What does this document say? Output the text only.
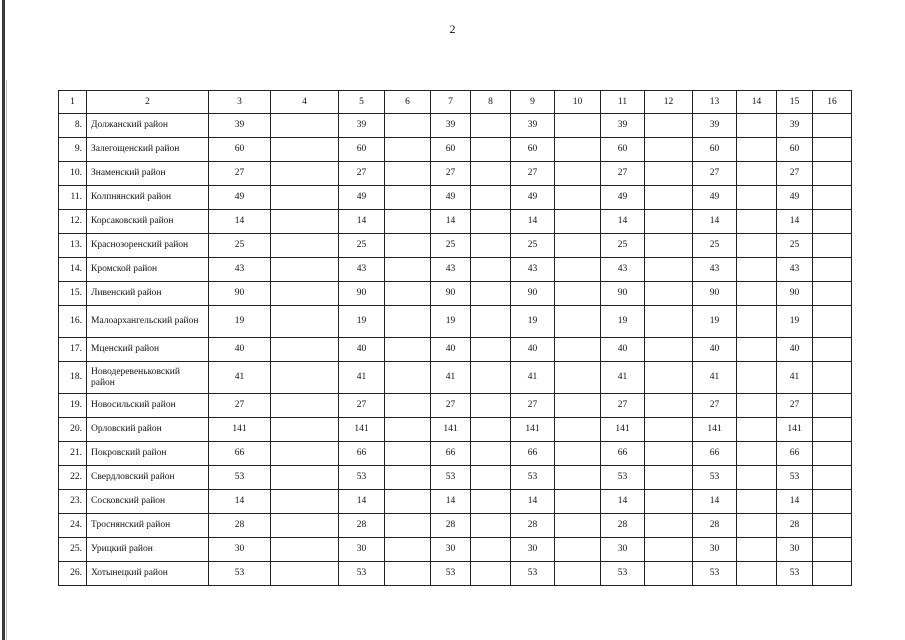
2
1	2	3	4	5	6	7	8	9	10	11	12	13	14	15	16
8.	Должанский район	39		39		39		39		39		39		39	
9.	Залегощенский район	60		60		60		60		60		60		60	
10.	Знаменский район	27		27		27		27		27		27		27	
11.	Колпнянский район	49		49		49		49		49		49		49	
12.	Корсаковский район	14		14		14		14		14		14		14	
13.	Краснозоренский район	25		25		25		25		25		25		25	
14.	Кромской район	43		43		43		43		43		43		43	
15.	Ливенский район	90		90		90		90		90		90		90	
16.	Малоархангельский район	19		19		19		19		19		19		19	
17.	Мценский район	40		40		40		40		40		40		40	
18.	Новодеревеньковский район	41		41		41		41		41		41		41	
19.	Новосильский район	27		27		27		27		27		27		27	
20.	Орловский район	141		141		141		141		141		141		141	
21.	Покровский район	66		66		66		66		66		66		66	
22.	Свердловский район	53		53		53		53		53		53		53	
23.	Сосковский район	14		14		14		14		14		14		14	
24.	Троснянский район	28		28		28		28		28		28		28	
25.	Урицкий район	30		30		30		30		30		30		30	
26.	Хотынецкий район	53		53		53		53		53		53		53	
